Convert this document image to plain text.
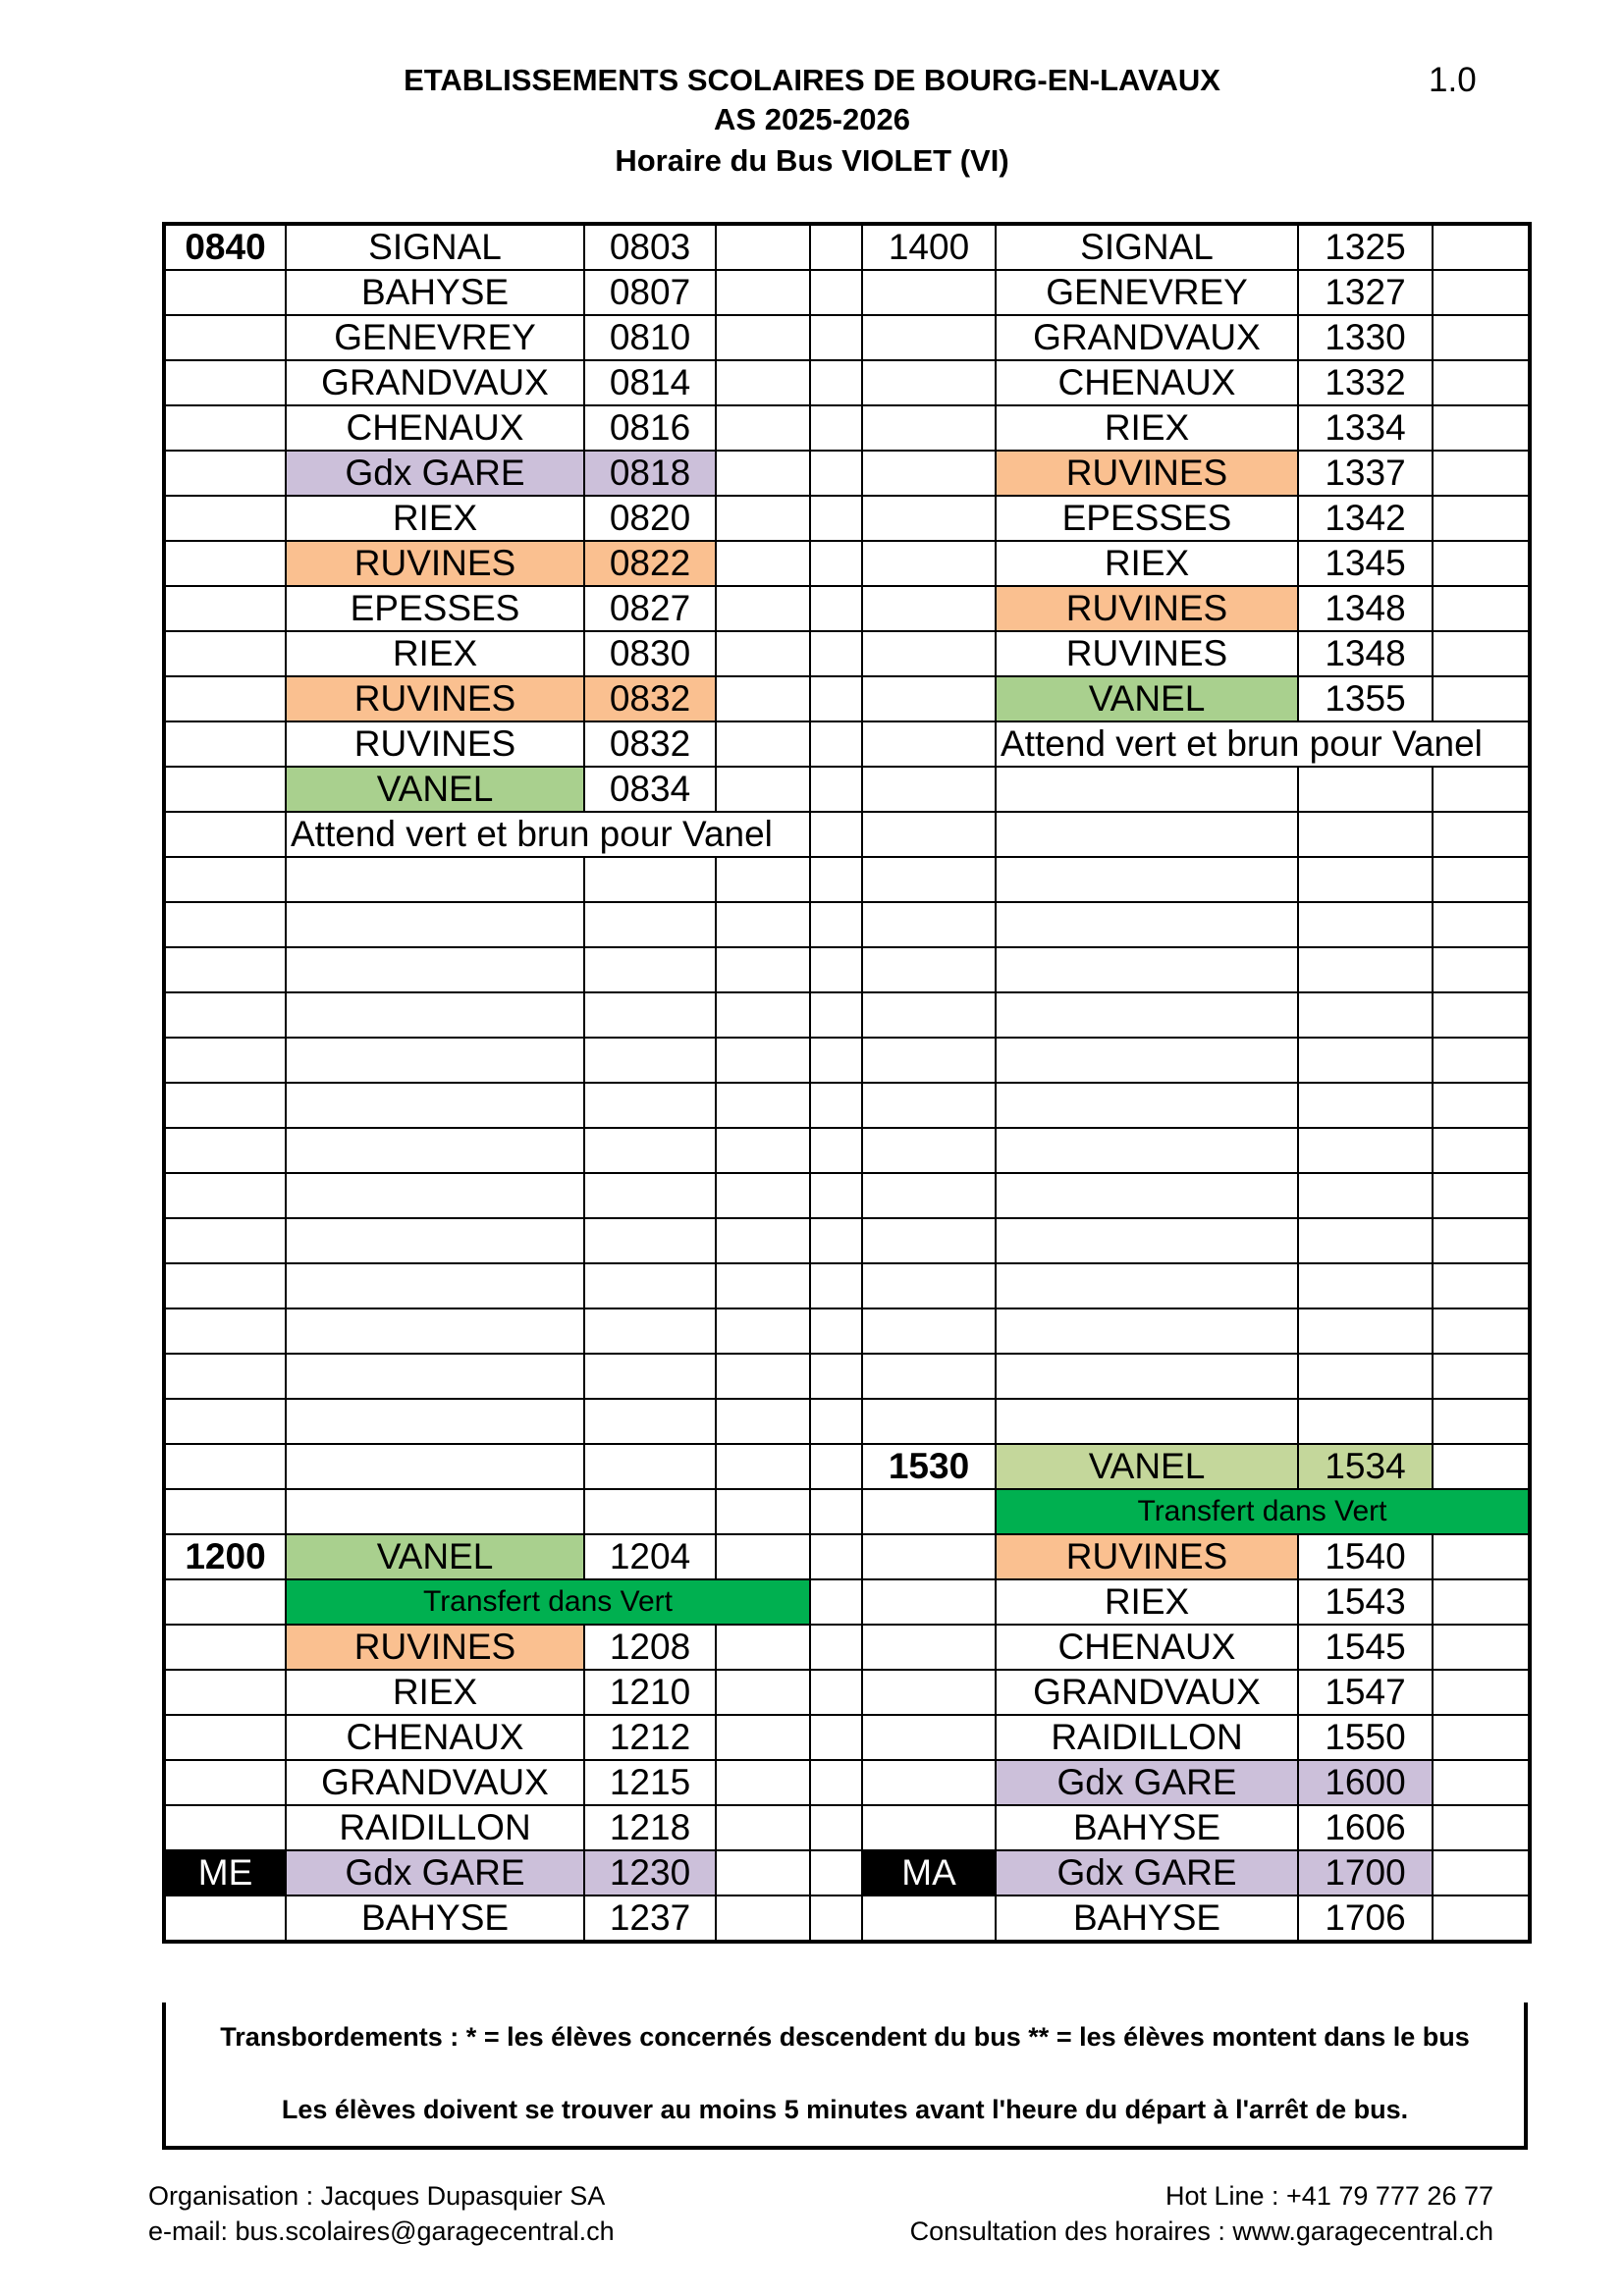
ETABLISSEMENTS SCOLAIRES DE BOURG-EN-LAVAUX
AS 2025-2026
Horaire du Bus VIOLET (VI)
1.0
0840	SIGNAL	0803			1400	SIGNAL	1325	
	BAHYSE	0807				GENEVREY	1327	
	GENEVREY	0810				GRANDVAUX	1330	
	GRANDVAUX	0814				CHENAUX	1332	
	CHENAUX	0816				RIEX	1334	
	Gdx GARE	0818				RUVINES	1337	
	RIEX	0820				EPESSES	1342	
	RUVINES	0822				RIEX	1345	
	EPESSES	0827				RUVINES	1348	
	RIEX	0830				RUVINES	1348	
	RUVINES	0832				VANEL	1355	
	RUVINES	0832				Attend vert et brun pour Vanel		
	VANEL	0834						
	Attend vert et brun pour Vanel							

					1530	VANEL	1534	
						Transfert dans Vert		
1200	VANEL	1204				RUVINES	1540	
	Transfert dans Vert					RIEX	1543	
	RUVINES	1208				CHENAUX	1545	
	RIEX	1210				GRANDVAUX	1547	
	CHENAUX	1212				RAIDILLON	1550	
	GRANDVAUX	1215				Gdx GARE	1600	
	RAIDILLON	1218				BAHYSE	1606	
ME	Gdx GARE	1230			MA	Gdx GARE	1700	
	BAHYSE	1237				BAHYSE	1706	
Transbordements : * = les élèves concernés descendent du bus ** = les élèves montent dans le bus
Les élèves doivent se trouver au moins 5 minutes avant l'heure du départ à l'arrêt de bus.
Organisation : Jacques Dupasquier SA
e-mail: bus.scolaires@garagecentral.ch
Hot Line : +41 79 777 26 77
Consultation des horaires : www.garagecentral.ch
